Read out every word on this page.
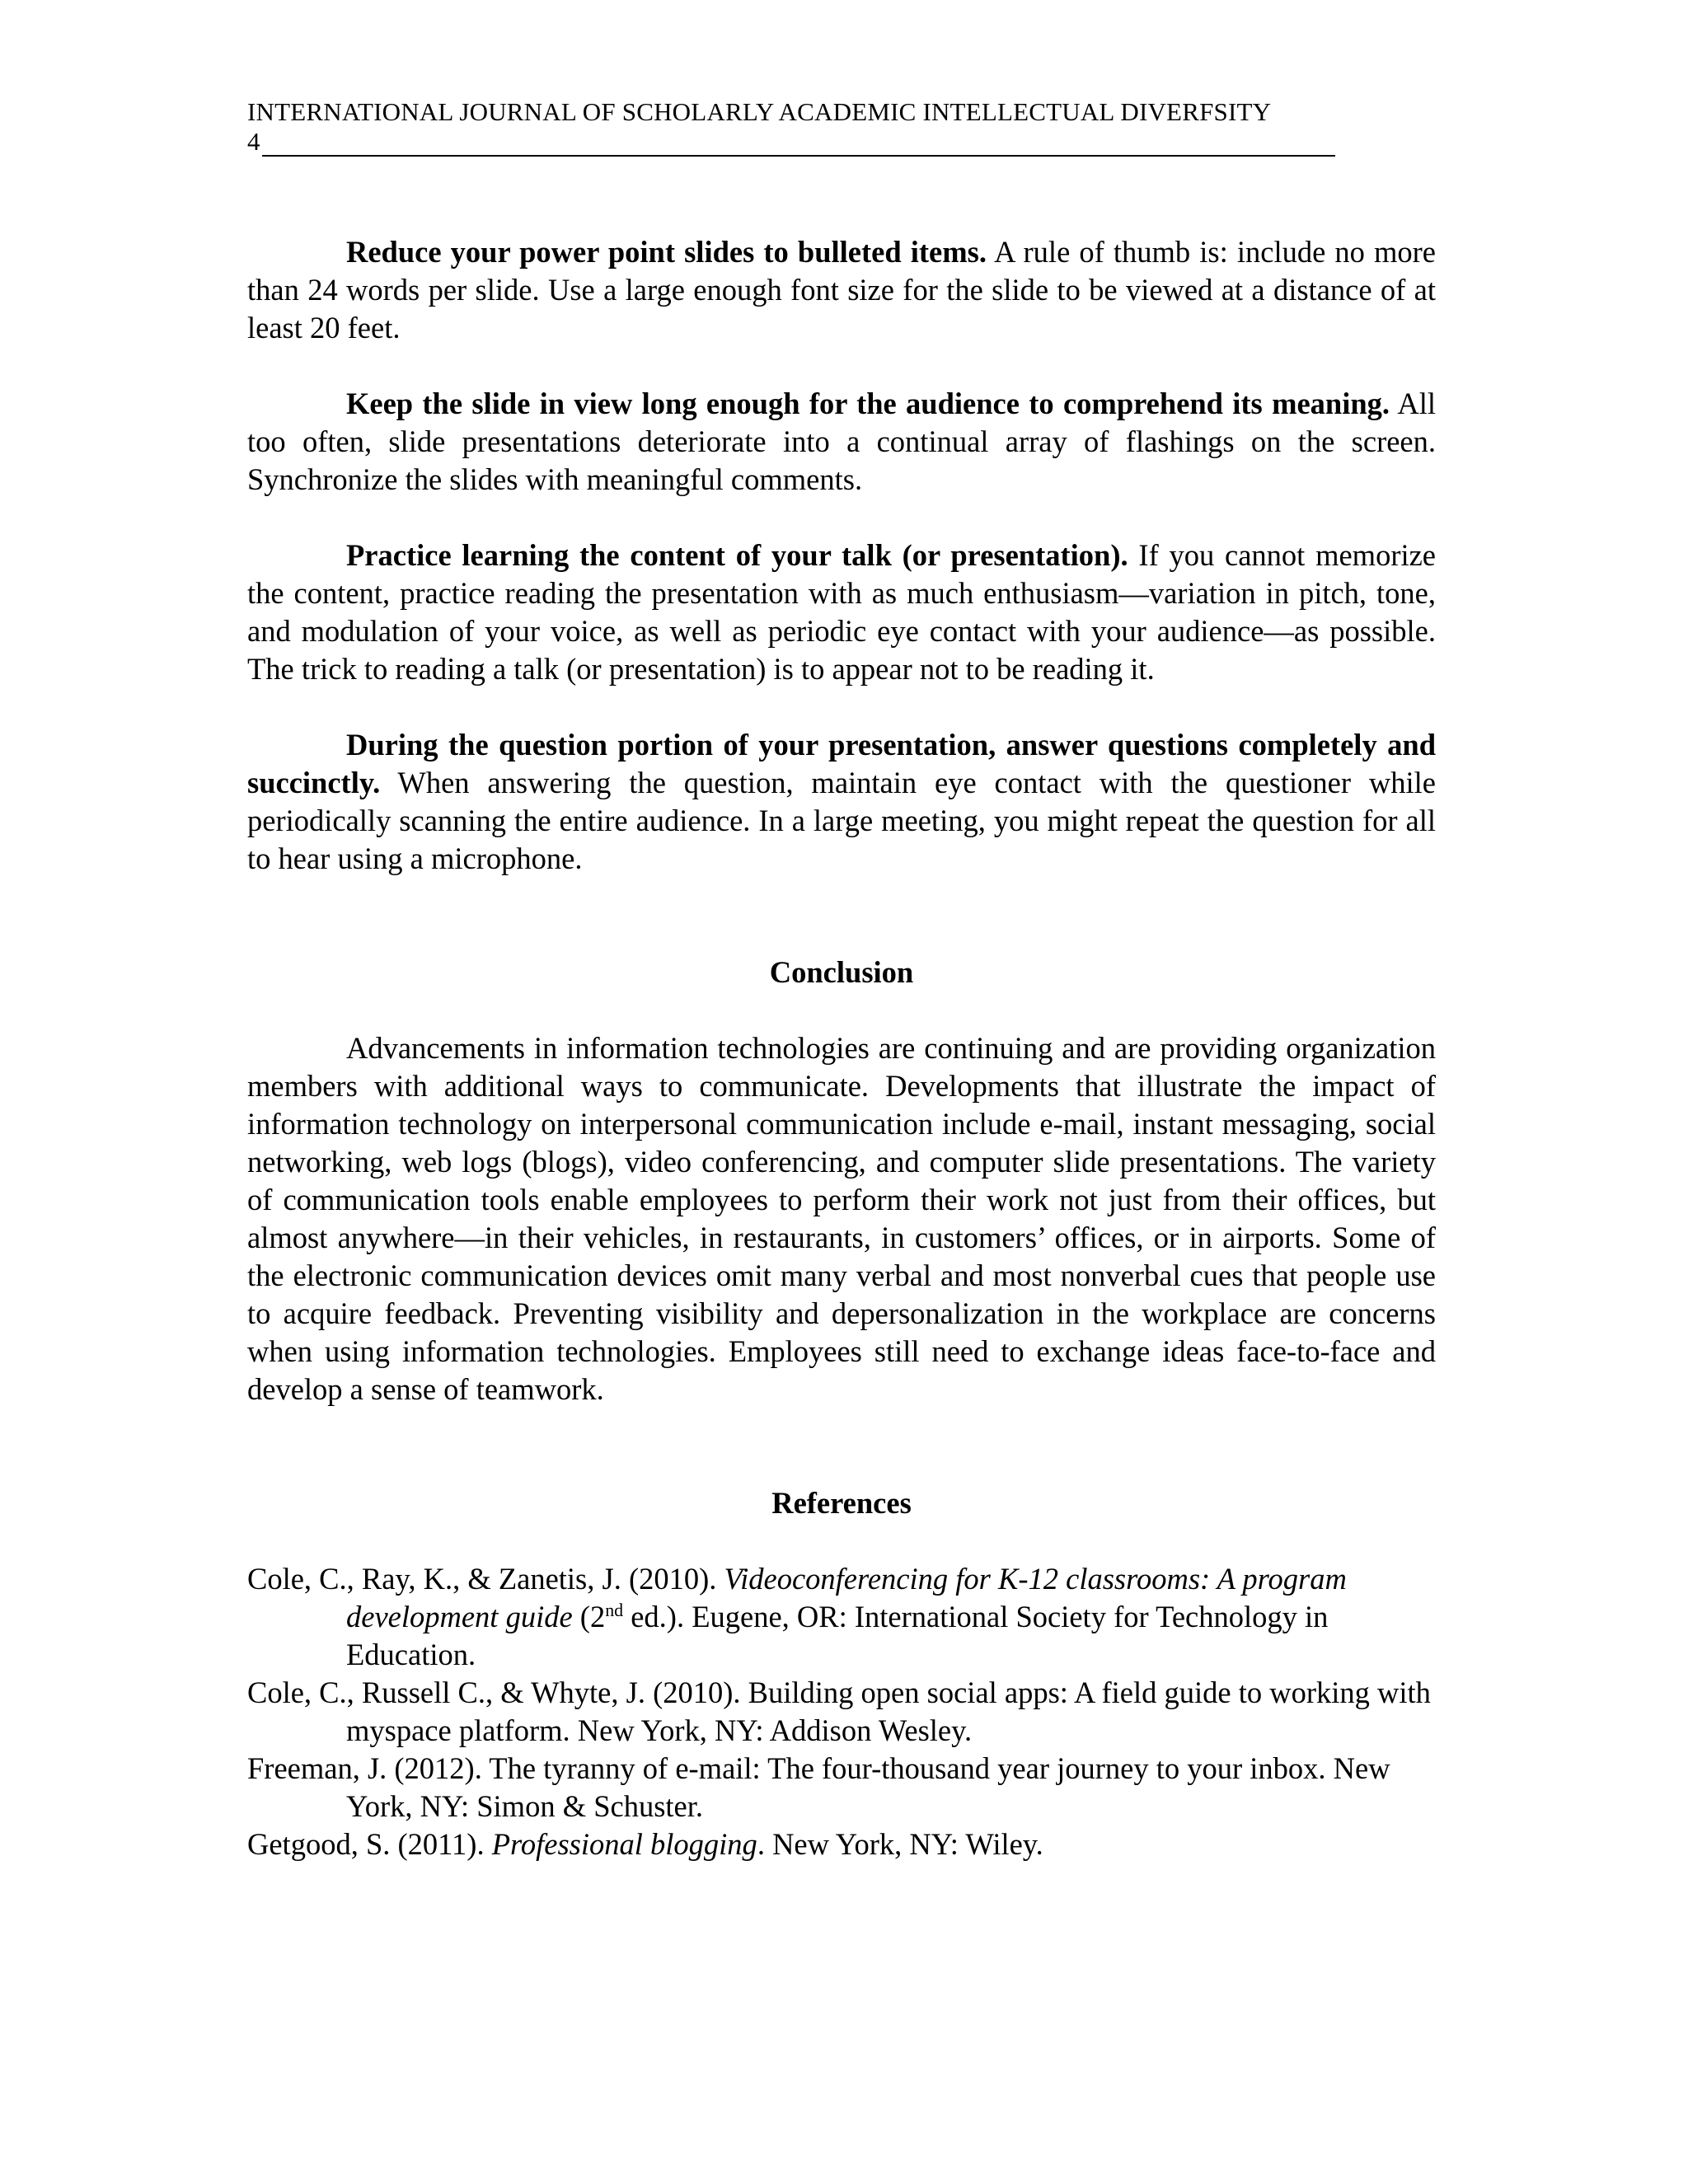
INTERNATIONAL JOURNAL OF SCHOLARLY ACADEMIC INTELLECTUAL DIVERFSITY
4

Reduce your power point slides to bulleted items. A rule of thumb is: include no more than 24 words per slide. Use a large enough font size for the slide to be viewed at a distance of at least 20 feet.

Keep the slide in view long enough for the audience to comprehend its meaning. All too often, slide presentations deteriorate into a continual array of flashings on the screen. Synchronize the slides with meaningful comments.

Practice learning the content of your talk (or presentation). If you cannot memorize the content, practice reading the presentation with as much enthusiasm—variation in pitch, tone, and modulation of your voice, as well as periodic eye contact with your audience—as possible. The trick to reading a talk (or presentation) is to appear not to be reading it.

During the question portion of your presentation, answer questions completely and succinctly. When answering the question, maintain eye contact with the questioner while periodically scanning the entire audience. In a large meeting, you might repeat the question for all to hear using a microphone.

Conclusion

Advancements in information technologies are continuing and are providing organization members with additional ways to communicate. Developments that illustrate the impact of information technology on interpersonal communication include e-mail, instant messaging, social networking, web logs (blogs), video conferencing, and computer slide presentations. The variety of communication tools enable employees to perform their work not just from their offices, but almost anywhere—in their vehicles, in restaurants, in customers’ offices, or in airports. Some of the electronic communication devices omit many verbal and most nonverbal cues that people use to acquire feedback. Preventing visibility and depersonalization in the workplace are concerns when using information technologies. Employees still need to exchange ideas face-to-face and develop a sense of teamwork.

References

Cole, C., Ray, K., & Zanetis, J. (2010). Videoconferencing for K-12 classrooms: A program development guide (2nd ed.). Eugene, OR: International Society for Technology in Education.

Cole, C., Russell C., & Whyte, J. (2010). Building open social apps: A field guide to working with myspace platform. New York, NY: Addison Wesley.

Freeman, J. (2012). The tyranny of e-mail: The four-thousand year journey to your inbox. New York, NY: Simon & Schuster.

Getgood, S. (2011). Professional blogging. New York, NY: Wiley.
